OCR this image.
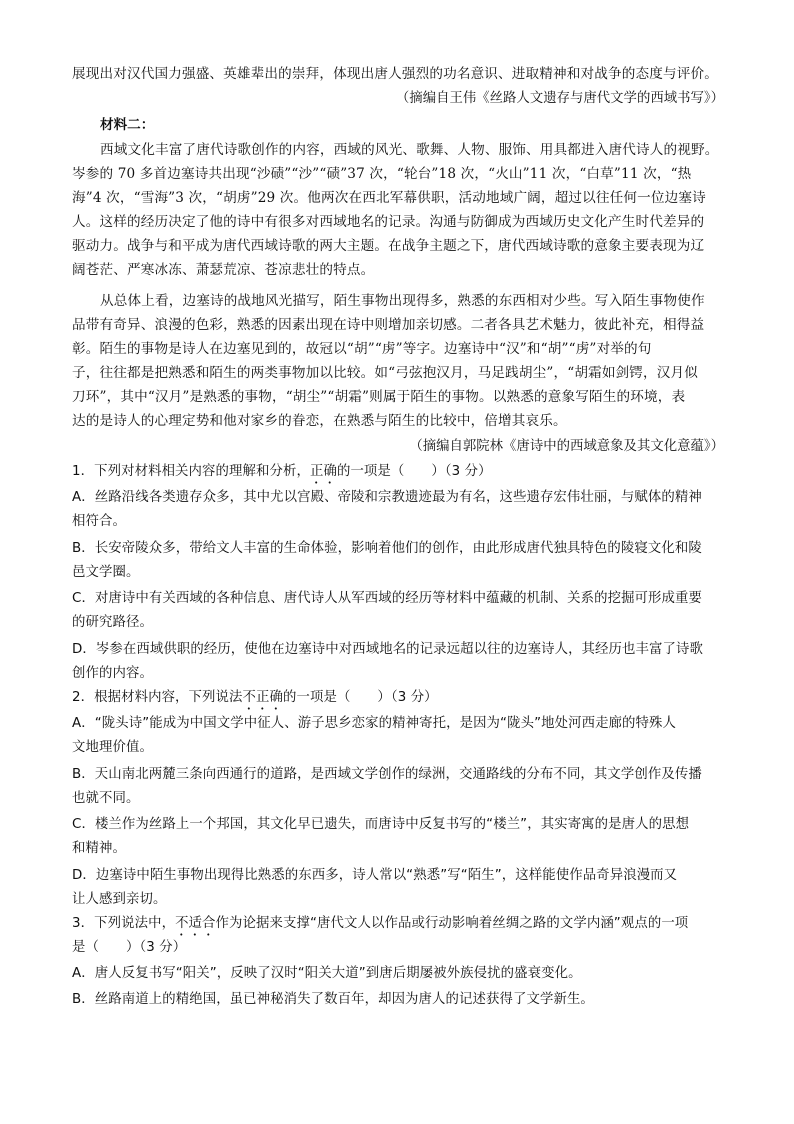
展现出对汉代国力强盛、英雄辈出的崇拜，体现出唐人强烈的功名意识、进取精神和对战争的态度与评价。
（摘编自王伟《丝路人文遗存与唐代文学的西域书写》）
材料二：
西域文化丰富了唐代诗歌创作的内容，西域的风光、歌舞、人物、服饰、用具都进入唐代诗人的视野。
岑参的 70 多首边塞诗共出现“沙碛”“沙”“碛”37 次，“轮台”18 次，“火山”11 次，“白草”11 次，“热
海”4 次，“雪海”3 次，“胡虏”29 次。他两次在西北军幕供职，活动地域广阔，超过以往任何一位边塞诗
人。这样的经历决定了他的诗中有很多对西域地名的记录。沟通与防御成为西域历史文化产生时代差异的
驱动力。战争与和平成为唐代西域诗歌的两大主题。在战争主题之下，唐代西域诗歌的意象主要表现为辽
阔苍茫、严寒冰冻、萧瑟荒凉、苍凉悲壮的特点。
从总体上看，边塞诗的战地风光描写，陌生事物出现得多，熟悉的东西相对少些。写入陌生事物使作
品带有奇异、浪漫的色彩，熟悉的因素出现在诗中则增加亲切感。二者各具艺术魅力，彼此补充，相得益
彰。陌生的事物是诗人在边塞见到的，故冠以“胡”“虏”等字。边塞诗中“汉”和“胡”“虏”对举的句
子，往往都是把熟悉和陌生的两类事物加以比较。如“弓弦抱汉月，马足践胡尘”，“胡霜如剑锷，汉月似
刀环”，其中“汉月”是熟悉的事物，“胡尘”“胡霜”则属于陌生的事物。以熟悉的意象写陌生的环境，表
达的是诗人的心理定势和他对家乡的眷恋，在熟悉与陌生的比较中，倍增其哀乐。
（摘编自郭院林《唐诗中的西域意象及其文化意蕴》）
1．下列对材料相关内容的理解和分析，正确的一项是（　　）（3 分）
A．丝路沿线各类遗存众多，其中尤以宫殿、帝陵和宗教遗迹最为有名，这些遗存宏伟壮丽，与赋体的精神
相符合。
B．长安帝陵众多，带给文人丰富的生命体验，影响着他们的创作，由此形成唐代独具特色的陵寝文化和陵
邑文学圈。
C．对唐诗中有关西域的各种信息、唐代诗人从军西域的经历等材料中蕴藏的机制、关系的挖掘可形成重要
的研究路径。
D．岑参在西域供职的经历，使他在边塞诗中对西域地名的记录远超以往的边塞诗人，其经历也丰富了诗歌
创作的内容。
2．根据材料内容，下列说法不正确的一项是（　　）（3 分）
A．“陇头诗”能成为中国文学中征人、游子思乡恋家的精神寄托，是因为“陇头”地处河西走廊的特殊人
文地理价值。
B．天山南北两麓三条向西通行的道路，是西域文学创作的绿洲，交通路线的分布不同，其文学创作及传播
也就不同。
C．楼兰作为丝路上一个邦国，其文化早已遗失，而唐诗中反复书写的“楼兰”，其实寄寓的是唐人的思想
和精神。
D．边塞诗中陌生事物出现得比熟悉的东西多，诗人常以“熟悉”写“陌生”，这样能使作品奇异浪漫而又
让人感到亲切。
3．下列说法中，不适合作为论据来支撑“唐代文人以作品或行动影响着丝绸之路的文学内涵”观点的一项
是（　　）（3 分）
A．唐人反复书写“阳关”，反映了汉时“阳关大道”到唐后期屡被外族侵扰的盛衰变化。
B．丝路南道上的精绝国，虽已神秘消失了数百年，却因为唐人的记述获得了文学新生。
